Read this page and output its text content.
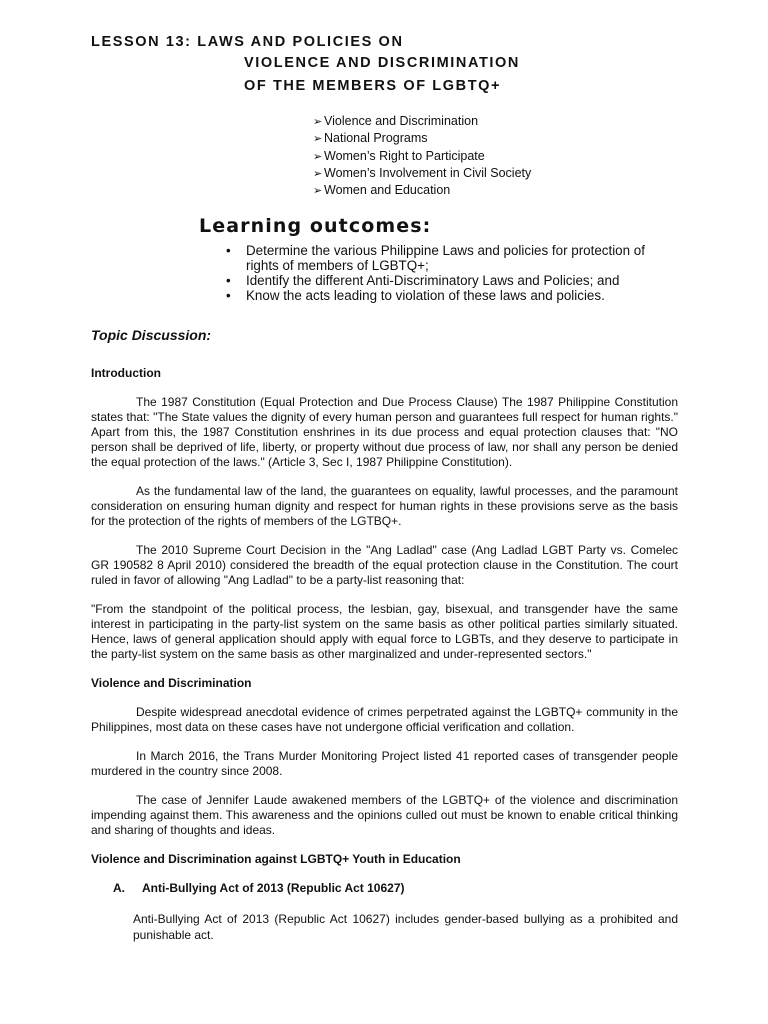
LESSON 13: LAWS AND POLICIES ON
VIOLENCE AND DISCRIMINATION
OF THE MEMBERS OF LGBTQ+
➢ Violence and Discrimination
➢ National Programs
➢ Women’s Right to Participate
➢ Women’s Involvement in Civil Society
➢ Women and Education
Learning outcomes:
• Determine the various Philippine Laws and policies for protection of rights of members of LGBTQ+;
• Identify the different Anti-Discriminatory Laws and Policies; and
• Know the acts leading to violation of these laws and policies.
Topic Discussion:

Introduction

The 1987 Constitution (Equal Protection and Due Process Clause) The 1987 Philippine Constitution states that: "The State values the dignity of every human person and guarantees full respect for human rights." Apart from this, the 1987 Constitution enshrines in its due process and equal protection clauses that: "NO person shall be deprived of life, liberty, or property without due process of law, nor shall any person be denied the equal protection of the laws." (Article 3, Sec I, 1987 Philippine Constitution).

As the fundamental law of the land, the guarantees on equality, lawful processes, and the paramount consideration on ensuring human dignity and respect for human rights in these provisions serve as the basis for the protection of the rights of members of the LGTBQ+.

The 2010 Supreme Court Decision in the "Ang Ladlad" case (Ang Ladlad LGBT Party vs. Comelec GR 190582 8 April 2010) considered the breadth of the equal protection clause in the Constitution. The court ruled in favor of allowing "Ang Ladlad" to be a party-list reasoning that:

"From the standpoint of the political process, the lesbian, gay, bisexual, and transgender have the same interest in participating in the party-list system on the same basis as other political parties similarly situated. Hence, laws of general application should apply with equal force to LGBTs, and they deserve to participate in the party-list system on the same basis as other marginalized and under-represented sectors."

Violence and Discrimination

Despite widespread anecdotal evidence of crimes perpetrated against the LGBTQ+ community in the Philippines, most data on these cases have not undergone official verification and collation.

In March 2016, the Trans Murder Monitoring Project listed 41 reported cases of transgender people murdered in the country since 2008.

The case of Jennifer Laude awakened members of the LGBTQ+ of the violence and discrimination impending against them. This awareness and the opinions culled out must be known to enable critical thinking and sharing of thoughts and ideas.

Violence and Discrimination against LGBTQ+ Youth in Education

A. Anti-Bullying Act of 2013 (Republic Act 10627)

Anti-Bullying Act of 2013 (Republic Act 10627) includes gender-based bullying as a prohibited and punishable act.
